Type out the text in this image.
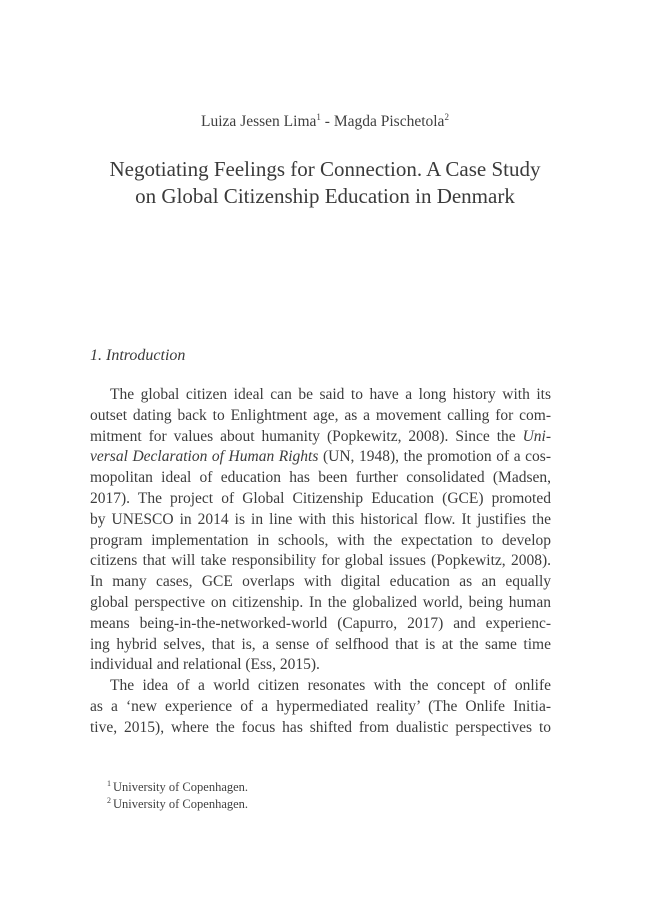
Luiza Jessen Lima$^1$ - Magda Pischetola$^2$
Negotiating Feelings for Connection. A Case Study
on Global Citizenship Education in Denmark
1. Introduction
The global citizen ideal can be said to have a long history with its
outset dating back to Enlightment age, as a movement calling for com-
mitment for values about humanity (Popkewitz, 2008). Since the Uni-
versal Declaration of Human Rights (UN, 1948), the promotion of a cos-
mopolitan ideal of education has been further consolidated (Madsen,
2017). The project of Global Citizenship Education (GCE) promoted
by UNESCO in 2014 is in line with this historical flow. It justifies the
program implementation in schools, with the expectation to develop
citizens that will take responsibility for global issues (Popkewitz, 2008).
In many cases, GCE overlaps with digital education as an equally
global perspective on citizenship. In the globalized world, being human
means being-in-the-networked-world (Capurro, 2017) and experienc-
ing hybrid selves, that is, a sense of selfhood that is at the same time
individual and relational (Ess, 2015).
The idea of a world citizen resonates with the concept of onlife
as a ‘new experience of a hypermediated reality’ (The Onlife Initia-
tive, 2015), where the focus has shifted from dualistic perspectives to
$^1$ University of Copenhagen.
$^2$ University of Copenhagen.
